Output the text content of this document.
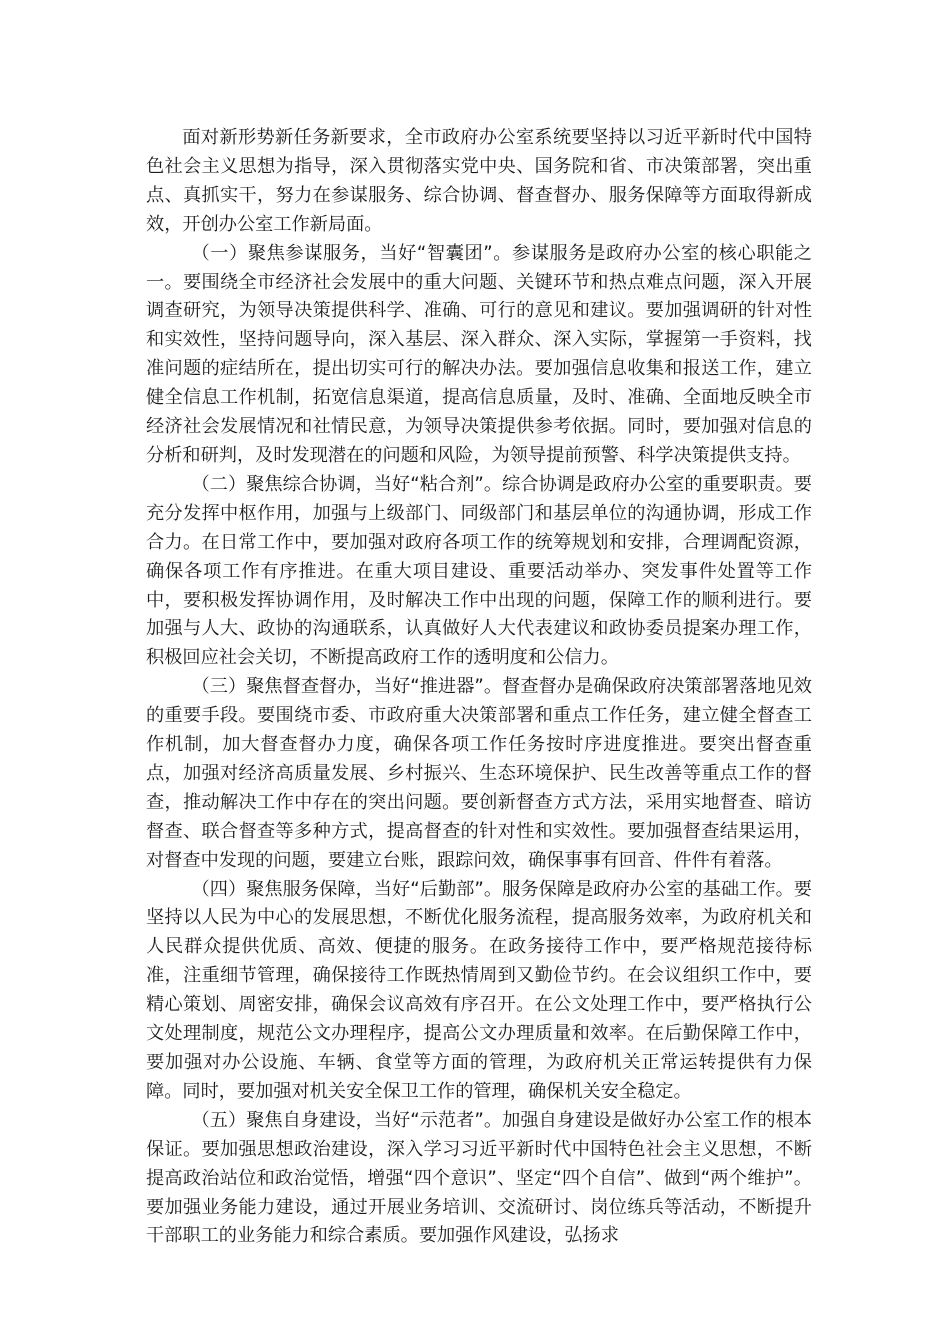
面对新形势新任务新要求，全市政府办公室系统要坚持以习近平新时代中国特色社会主义思想为指导，深入贯彻落实党中央、国务院和省、市决策部署，突出重点、真抓实干，努力在参谋服务、综合协调、督查督办、服务保障等方面取得新成效，开创办公室工作新局面。

（一）聚焦参谋服务，当好“智囊团”。参谋服务是政府办公室的核心职能之一。要围绕全市经济社会发展中的重大问题、关键环节和热点难点问题，深入开展调查研究，为领导决策提供科学、准确、可行的意见和建议。要加强调研的针对性和实效性，坚持问题导向，深入基层、深入群众、深入实际，掌握第一手资料，找准问题的症结所在，提出切实可行的解决办法。要加强信息收集和报送工作，建立健全信息工作机制，拓宽信息渠道，提高信息质量，及时、准确、全面地反映全市经济社会发展情况和社情民意，为领导决策提供参考依据。同时，要加强对信息的分析和研判，及时发现潜在的问题和风险，为领导提前预警、科学决策提供支持。

（二）聚焦综合协调，当好“粘合剂”。综合协调是政府办公室的重要职责。要充分发挥中枢作用，加强与上级部门、同级部门和基层单位的沟通协调，形成工作合力。在日常工作中，要加强对政府各项工作的统筹规划和安排，合理调配资源，确保各项工作有序推进。在重大项目建设、重要活动举办、突发事件处置等工作中，要积极发挥协调作用，及时解决工作中出现的问题，保障工作的顺利进行。要加强与人大、政协的沟通联系，认真做好人大代表建议和政协委员提案办理工作，积极回应社会关切，不断提高政府工作的透明度和公信力。

（三）聚焦督查督办，当好“推进器”。督查督办是确保政府决策部署落地见效的重要手段。要围绕市委、市政府重大决策部署和重点工作任务，建立健全督查工作机制，加大督查督办力度，确保各项工作任务按时序进度推进。要突出督查重点，加强对经济高质量发展、乡村振兴、生态环境保护、民生改善等重点工作的督查，推动解决工作中存在的突出问题。要创新督查方式方法，采用实地督查、暗访督查、联合督查等多种方式，提高督查的针对性和实效性。要加强督查结果运用，对督查中发现的问题，要建立台账，跟踪问效，确保事事有回音、件件有着落。

（四）聚焦服务保障，当好“后勤部”。服务保障是政府办公室的基础工作。要坚持以人民为中心的发展思想，不断优化服务流程，提高服务效率，为政府机关和人民群众提供优质、高效、便捷的服务。在政务接待工作中，要严格规范接待标准，注重细节管理，确保接待工作既热情周到又勤俭节约。在会议组织工作中，要精心策划、周密安排，确保会议高效有序召开。在公文处理工作中，要严格执行公文处理制度，规范公文办理程序，提高公文办理质量和效率。在后勤保障工作中，要加强对办公设施、车辆、食堂等方面的管理，为政府机关正常运转提供有力保障。同时，要加强对机关安全保卫工作的管理，确保机关安全稳定。

（五）聚焦自身建设，当好“示范者”。加强自身建设是做好办公室工作的根本保证。要加强思想政治建设，深入学习习近平新时代中国特色社会主义思想，不断提高政治站位和政治觉悟，增强“四个意识”、坚定“四个自信”、做到“两个维护”。要加强业务能力建设，通过开展业务培训、交流研讨、岗位练兵等活动，不断提升干部职工的业务能力和综合素质。要加强作风建设，弘扬求
